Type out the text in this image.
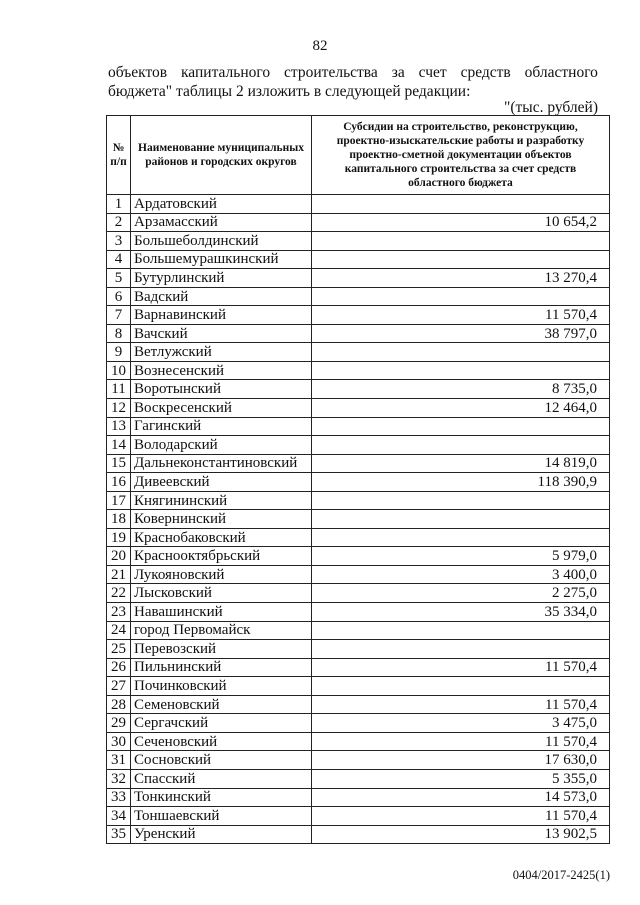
82
объектов капитального строительства за счет средств областного
бюджета" таблицы 2 изложить в следующей редакции:
"(тыс. рублей)
№ п/п	Наименование муниципальных районов и городских округов	Субсидии на строительство, реконструкцию, проектно-изыскательские работы и разработку проектно-сметной документации объектов капитального строительства за счет средств областного бюджета
1	Ардатовский	
2	Арзамасский	10 654,2
3	Большеболдинский	
4	Большемурашкинский	
5	Бутурлинский	13 270,4
6	Вадский	
7	Варнавинский	11 570,4
8	Вачский	38 797,0
9	Ветлужский	
10	Вознесенский	
11	Воротынский	8 735,0
12	Воскресенский	12 464,0
13	Гагинский	
14	Володарский	
15	Дальнеконстантиновский	14 819,0
16	Дивеевский	118 390,9
17	Княгининский	
18	Ковернинский	
19	Краснобаковский	
20	Краснооктябрьский	5 979,0
21	Лукояновский	3 400,0
22	Лысковский	2 275,0
23	Навашинский	35 334,0
24	город Первомайск	
25	Перевозский	
26	Пильнинский	11 570,4
27	Починковский	
28	Семеновский	11 570,4
29	Сергачский	3 475,0
30	Сеченовский	11 570,4
31	Сосновский	17 630,0
32	Спасский	5 355,0
33	Тонкинский	14 573,0
34	Тоншаевский	11 570,4
35	Уренский	13 902,5
0404/2017-2425(1)
